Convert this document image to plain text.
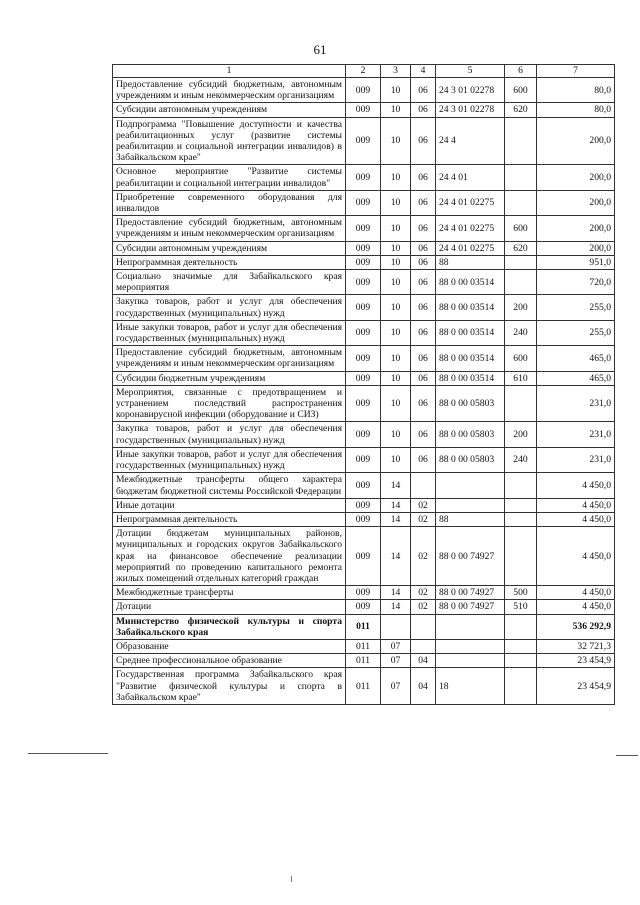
61
1	2	3	4	5	6	7
Предоставление субсидий бюджетным, автономным учреждениям и иным некоммерческим организациям	009	10	06	24 3 01 02278	600	80,0
Субсидии автономным учреждениям	009	10	06	24 3 01 02278	620	80,0
Подпрограмма "Повышение доступности и качества реабилитационных услуг (развитие системы реабилитации и социальной интеграции инвалидов) в Забайкальском крае"	009	10	06	24 4		200,0
Основное мероприятие "Развитие системы реабилитации и социальной интеграции инвалидов"	009	10	06	24 4 01		200,0
Приобретение современного оборудования для инвалидов	009	10	06	24 4 01 02275		200,0
Предоставление субсидий бюджетным, автономным учреждениям и иным некоммерческим организациям	009	10	06	24 4 01 02275	600	200,0
Субсидии автономным учреждениям	009	10	06	24 4 01 02275	620	200,0
Непрограммная деятельность	009	10	06	88		951,0
Социально значимые для Забайкальского края мероприятия	009	10	06	88 0 00 03514		720,0
Закупка товаров, работ и услуг для обеспечения государственных (муниципальных) нужд	009	10	06	88 0 00 03514	200	255,0
Иные закупки товаров, работ и услуг для обеспечения государственных (муниципальных) нужд	009	10	06	88 0 00 03514	240	255,0
Предоставление субсидий бюджетным, автономным учреждениям и иным некоммерческим организациям	009	10	06	88 0 00 03514	600	465,0
Субсидии бюджетным учреждениям	009	10	06	88 0 00 03514	610	465,0
Мероприятия, связанные с предотвращением и устранением последствий распространения коронавирусной инфекции (оборудование и СИЗ)	009	10	06	88 0 00 05803		231,0
Закупка товаров, работ и услуг для обеспечения государственных (муниципальных) нужд	009	10	06	88 0 00 05803	200	231,0
Иные закупки товаров, работ и услуг для обеспечения государственных (муниципальных) нужд	009	10	06	88 0 00 05803	240	231,0
Межбюджетные трансферты общего характера бюджетам бюджетной системы Российской Федерации	009	14				4 450,0
Иные дотации	009	14	02			4 450,0
Непрограммная деятельность	009	14	02	88		4 450,0
Дотации бюджетам муниципальных районов, муниципальных и городских округов Забайкальского края на финансовое обеспечение реализации мероприятий по проведению капитального ремонта жилых помещений отдельных категорий граждан	009	14	02	88 0 00 74927		4 450,0
Межбюджетные трансферты	009	14	02	88 0 00 74927	500	4 450,0
Дотации	009	14	02	88 0 00 74927	510	4 450,0
Министерство физической культуры и спорта Забайкальского края	011					536 292,9
Образование	011	07				32 721,3
Среднее профессиональное образование	011	07	04			23 454,9
Государственная программа Забайкальского края "Развитие физической культуры и спорта в Забайкальском крае"	011	07	04	18		23 454,9
